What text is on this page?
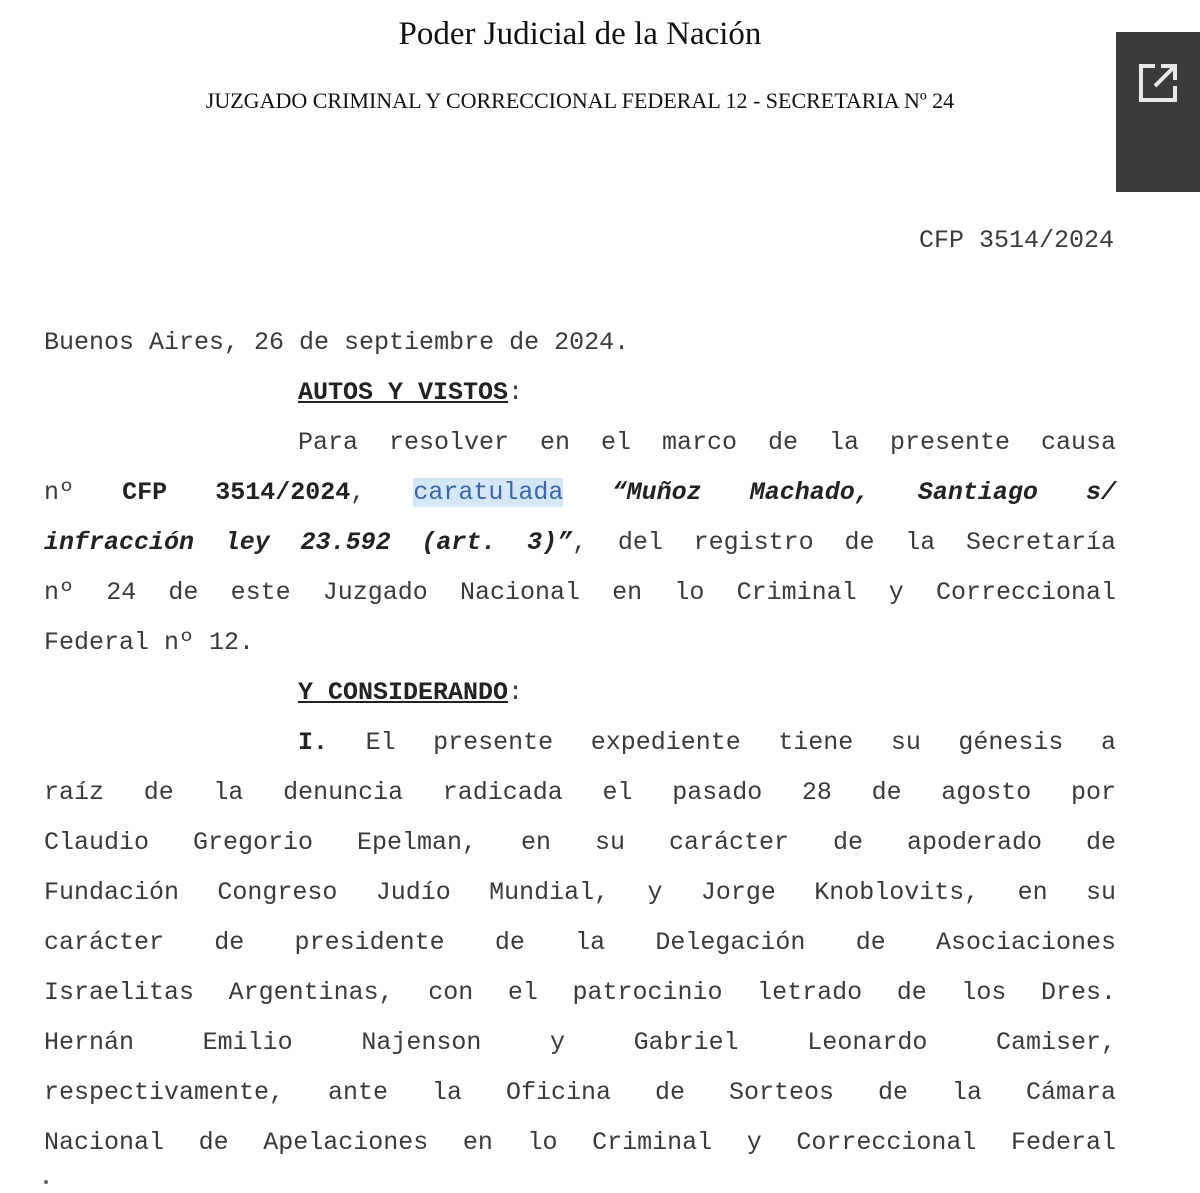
Poder Judicial de la Nación
JUZGADO CRIMINAL Y CORRECCIONAL FEDERAL 12 - SECRETARIA Nº 24
CFP 3514/2024
Buenos Aires, 26 de septiembre de 2024.
AUTOS Y VISTOS:
Para resolver en el marco de la presente causa
nº CFP 3514/2024, caratulada “Muñoz Machado, Santiago s/
infracción ley 23.592 (art. 3)”, del registro de la Secretaría
nº 24 de este Juzgado Nacional en lo Criminal y Correccional
Federal nº 12.
Y CONSIDERANDO:
I. El presente expediente tiene su génesis a
raíz de la denuncia radicada el pasado 28 de agosto por
Claudio Gregorio Epelman, en su carácter de apoderado de
Fundación Congreso Judío Mundial, y Jorge Knoblovits, en su
carácter de presidente de la Delegación de Asociaciones
Israelitas Argentinas, con el patrocinio letrado de los Dres.
Hernán Emilio Najenson y Gabriel Leonardo Camiser,
respectivamente, ante la Oficina de Sorteos de la Cámara
Nacional de Apelaciones en lo Criminal y Correccional Federal
